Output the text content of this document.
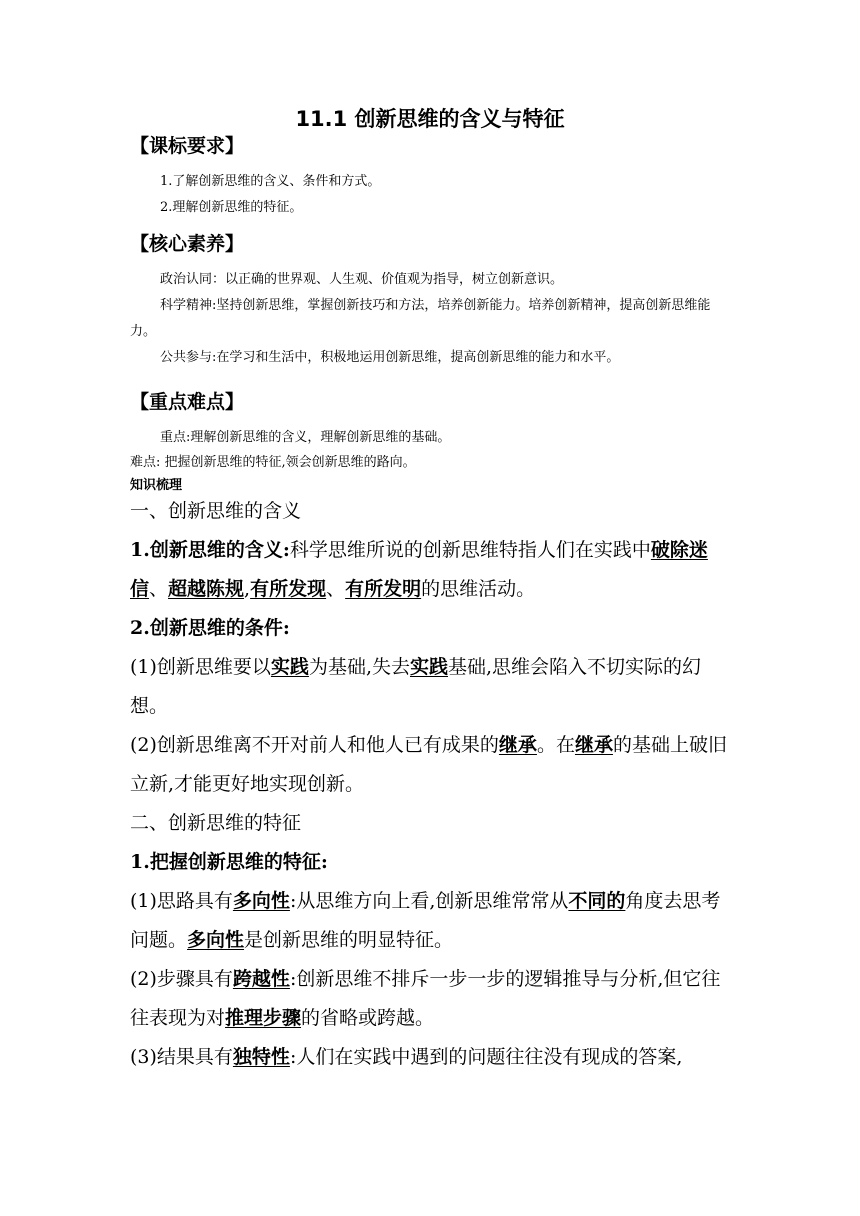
11.1 创新思维的含义与特征
【课标要求】

1.了解创新思维的含义、条件和方式。

2.理解创新思维的特征。

【核心素养】

政治认同：以正确的世界观、人生观、价值观为指导，树立创新意识。

科学精神:坚持创新思维，掌握创新技巧和方法，培养创新能力。培养创新精神，提高创新思维能力。

公共参与:在学习和生活中，积极地运用创新思维，提高创新思维的能力和水平。

【重点难点】

重点:理解创新思维的含义，理解创新思维的基础。

难点: 把握创新思维的特征,领会创新思维的路向。

知识梳理

一、创新思维的含义

1.创新思维的含义:科学思维所说的创新思维特指人们在实践中破除迷信、超越陈规,有所发现、有所发明的思维活动。

2.创新思维的条件:

(1)创新思维要以实践为基础,失去实践基础,思维会陷入不切实际的幻想。

(2)创新思维离不开对前人和他人已有成果的继承。在继承的基础上破旧立新,才能更好地实现创新。

二、创新思维的特征

1.把握创新思维的特征:

(1)思路具有多向性:从思维方向上看,创新思维常常从不同的角度去思考问题。多向性是创新思维的明显特征。

(2)步骤具有跨越性:创新思维不排斥一步一步的逻辑推导与分析,但它往往表现为对推理步骤的省略或跨越。

(3)结果具有独特性:人们在实践中遇到的问题往往没有现成的答案,
